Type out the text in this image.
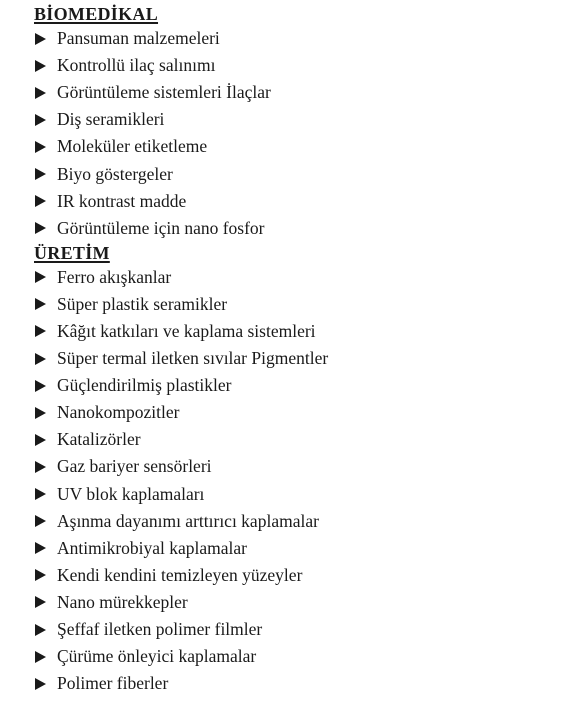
BİOMEDİKAL
Pansuman malzemeleri
Kontrollü ilaç salınımı
Görüntüleme sistemleri İlaçlar
Diş seramikleri
Moleküler etiketleme
Biyo göstergeler
IR kontrast madde
Görüntüleme için nano fosfor
ÜRETİM
Ferro akışkanlar
Süper plastik seramikler
Kâğıt katkıları ve kaplama sistemleri
Süper termal iletken sıvılar Pigmentler
Güçlendirilmiş plastikler
Nanokompozitler
Katalizörler
Gaz bariyer sensörleri
UV blok kaplamaları
Aşınma dayanımı arttırıcı kaplamalar
Antimikrobiyal kaplamalar
Kendi kendini temizleyen yüzeyler
Nano mürekkepler
Şeffaf iletken polimer filmler
Çürüme önleyici kaplamalar
Polimer fiberler
